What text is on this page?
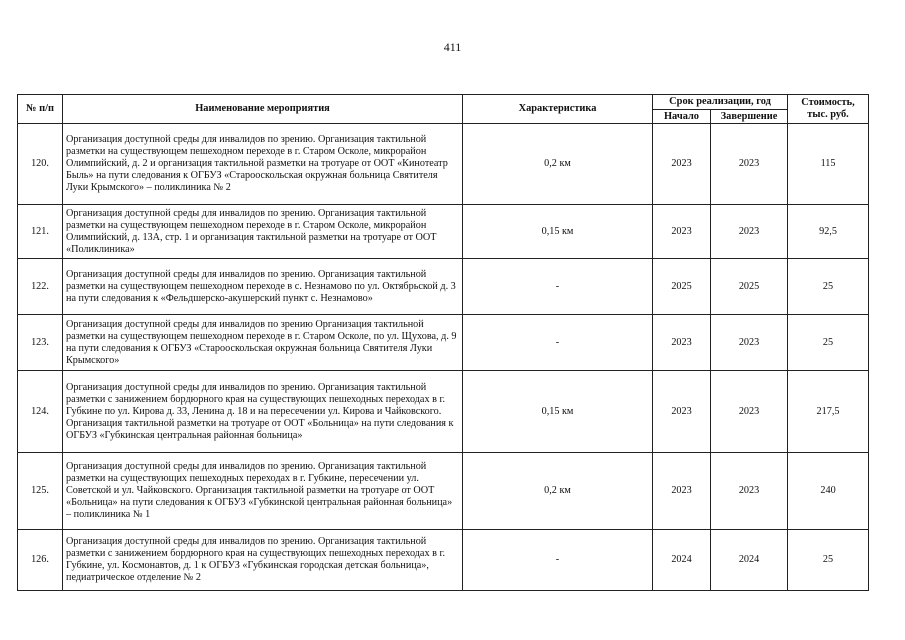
411
№ п/п	Наименование мероприятия	Характеристика	Срок реализации, год		Стоимость, тыс. руб.
			Начало	Завершение	
120.	Организация доступной среды для инвалидов по зрению. Организация тактильной разметки на существующем пешеходном переходе в г. Старом Осколе, микрорайон Олимпийский, д. 2 и организация тактильной разметки на тротуаре от ООТ «Кинотеатр Быль» на пути следования к ОГБУЗ «Старооскольская окружная больница Святителя Луки Крымского» – поликлиника № 2	0,2 км	2023	2023	115
121.	Организация доступной среды для инвалидов по зрению. Организация тактильной разметки на существующем пешеходном переходе в г. Старом Осколе, микрорайон Олимпийский, д. 13А, стр. 1 и организация тактильной разметки на тротуаре от ООТ «Поликлиника»	0,15 км	2023	2023	92,5
122.	Организация доступной среды для инвалидов по зрению. Организация тактильной разметки на существующем пешеходном переходе в с. Незнамово по ул. Октябрьской д. 3 на пути следования к «Фельдшерско-акушерский пункт с. Незнамово»	-	2025	2025	25
123.	Организация доступной среды для инвалидов по зрению Организация тактильной разметки на существующем пешеходном переходе в г. Старом Осколе, по ул. Щухова, д. 9 на пути следования к ОГБУЗ «Старооскольская окружная больница Святителя Луки Крымского»	-	2023	2023	25
124.	Организация доступной среды для инвалидов по зрению. Организация тактильной разметки с занижением бордюрного края на существующих пешеходных переходах в г. Губкине по ул. Кирова д. 33, Ленина д. 18 и на пересечении ул. Кирова и Чайковского. Организация тактильной разметки на тротуаре от ООТ «Больница» на пути следования к ОГБУЗ «Губкинская центральная районная больница»	0,15 км	2023	2023	217,5
125.	Организация доступной среды для инвалидов по зрению. Организация тактильной разметки на существующих пешеходных переходах в г. Губкине, пересечении ул. Советской и ул. Чайковского. Организация тактильной разметки на тротуаре от ООТ «Больница» на пути следования к ОГБУЗ «Губкинской центральная районная больница» – поликлиника № 1	0,2 км	2023	2023	240
126.	Организация доступной среды для инвалидов по зрению. Организация тактильной разметки с занижением бордюрного края на существующих пешеходных переходах в г. Губкине, ул. Космонавтов, д. 1 к ОГБУЗ «Губкинская городская детская больница», педиатрическое отделение № 2	-	2024	2024	25
